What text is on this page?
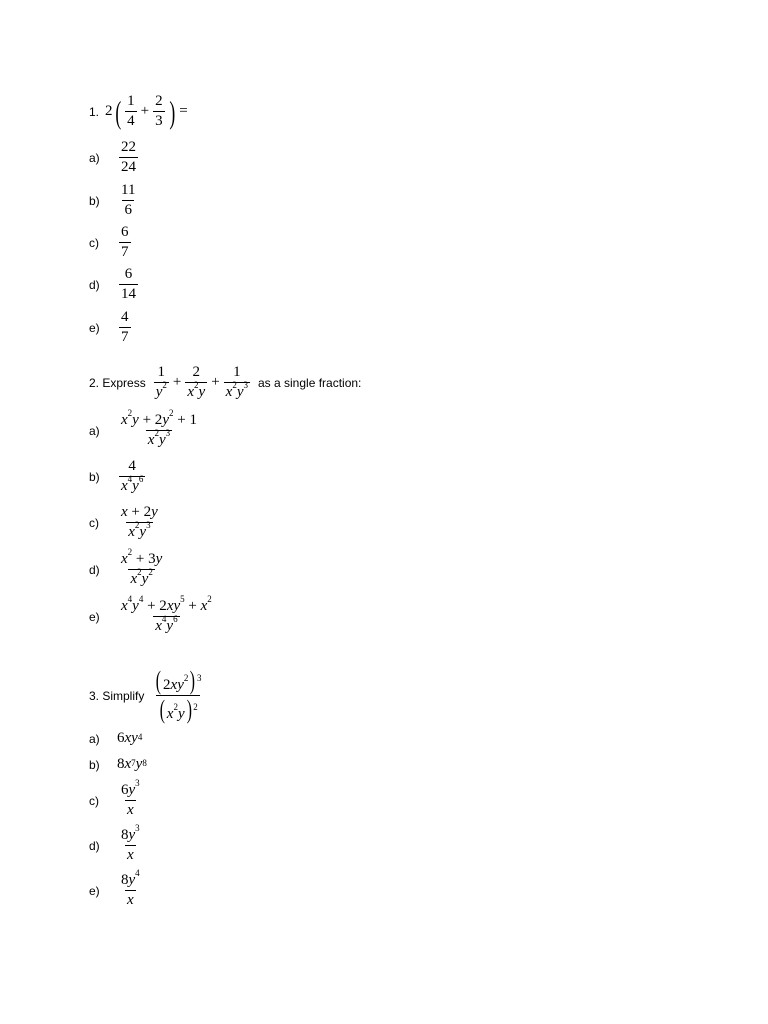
1. 2 ( $\frac{1}{4} + \frac{2}{3}$ ) =
a)	$\frac{22}{24}$
b)	$\frac{11}{6}$
c)	$\frac{6}{7}$
d)	$\frac{6}{14}$
e)	$\frac{4}{7}$
2. Express $\frac{1}{y^2} + \frac{2}{x^2y} + \frac{1}{x^2y^3}$ as a single fraction:
a)	$\frac{x^2y + 2y^2 + 1}{x^2y^3}$
b)	$\frac{4}{x^4y^6}$
c)	$\frac{x + 2y}{x^2y^3}$
d)	$\frac{x^2 + 3y}{x^2y^2}$
e)	$\frac{x^4y^4 + 2xy^5 + x^2}{x^4y^6}$
3. Simplify $\frac{( 2xy^2) ^3}{( x^2y) ^2}$
a)	6 $xy^4$
b)	8 $x^7$ $y^8$
c)	$\frac{6y^3}{x}$
d)	$\frac{8y^3}{x}$
e)	$\frac{8y^4}{x}$
